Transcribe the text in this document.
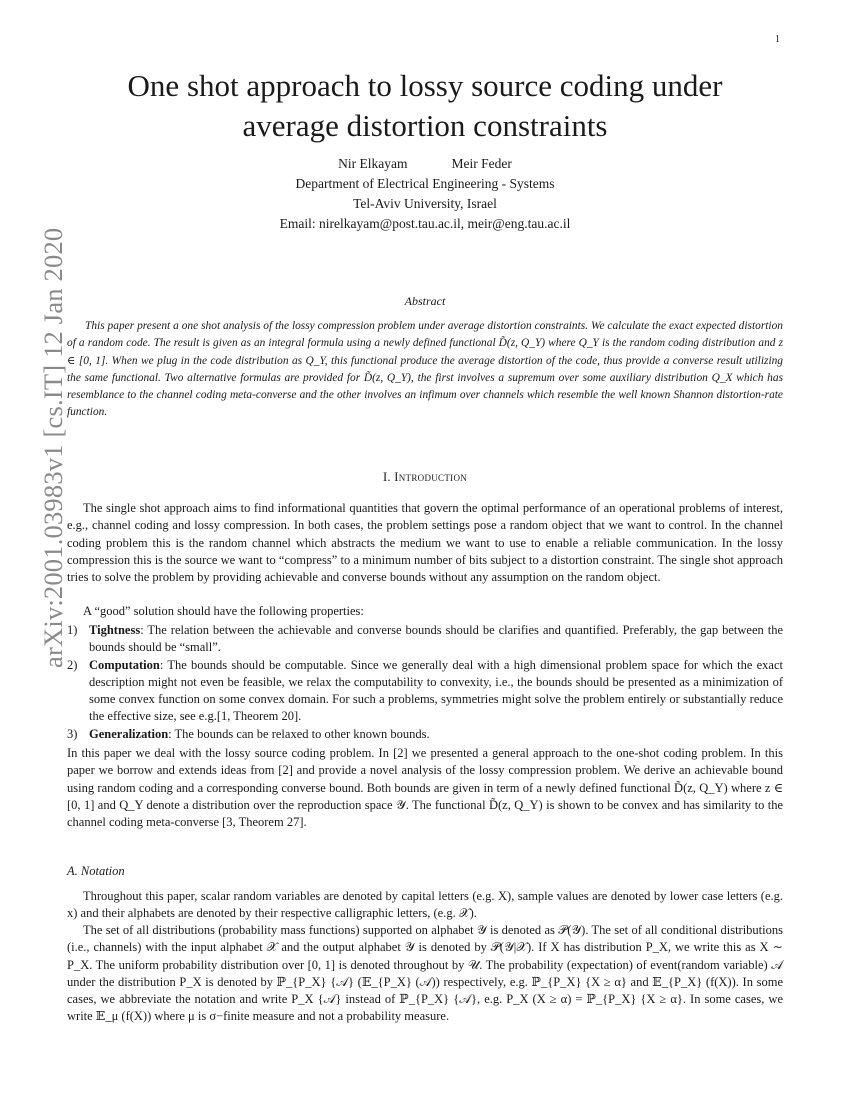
1
arXiv:2001.03983v1 [cs.IT] 12 Jan 2020
One shot approach to lossy source coding under
average distortion constraints
Nir Elkayam	Meir Feder
Department of Electrical Engineering - Systems
Tel-Aviv University, Israel
Email: nirelkayam@post.tau.ac.il, meir@eng.tau.ac.il
Abstract

This paper present a one shot analysis of the lossy compression problem under average distortion constraints. We calculate the exact expected distortion of a random code. The result is given as an integral formula using a newly defined functional D̃(z, Q_Y) where Q_Y is the random coding distribution and z ∈ [0, 1]. When we plug in the code distribution as Q_Y, this functional produce the average distortion of the code, thus provide a converse result utilizing the same functional. Two alternative formulas are provided for D̃(z, Q_Y), the first involves a supremum over some auxiliary distribution Q_X which has resemblance to the channel coding meta-converse and the other involves an infimum over channels which resemble the well known Shannon distortion-rate function.

I. Introduction

The single shot approach aims to find informational quantities that govern the optimal performance of an operational problems of interest, e.g., channel coding and lossy compression. In both cases, the problem settings pose a random object that we want to control. In the channel coding problem this is the random channel which abstracts the medium we want to use to enable a reliable communication. In the lossy compression this is the source we want to “compress” to a minimum number of bits subject to a distortion constraint. The single shot approach tries to solve the problem by providing achievable and converse bounds without any assumption on the random object.

A “good” solution should have the following properties:

1) Tightness: The relation between the achievable and converse bounds should be clarifies and quantified. Preferably, the gap between the bounds should be “small”.
2) Computation: The bounds should be computable. Since we generally deal with a high dimensional problem space for which the exact description might not even be feasible, we relax the computability to convexity, i.e., the bounds should be presented as a minimization of some convex function on some convex domain. For such a problems, symmetries might solve the problem entirely or substantially reduce the effective size, see e.g.[1, Theorem 20].
3) Generalization: The bounds can be relaxed to other known bounds.

In this paper we deal with the lossy source coding problem. In [2] we presented a general approach to the one-shot coding problem. In this paper we borrow and extends ideas from [2] and provide a novel analysis of the lossy compression problem. We derive an achievable bound using random coding and a corresponding converse bound. Both bounds are given in term of a newly defined functional D̃(z, Q_Y) where z ∈ [0, 1] and Q_Y denote a distribution over the reproduction space 𝒴. The functional D̃(z, Q_Y) is shown to be convex and has similarity to the channel coding meta-converse [3, Theorem 27].

A. Notation

Throughout this paper, scalar random variables are denoted by capital letters (e.g. X), sample values are denoted by lower case letters (e.g. x) and their alphabets are denoted by their respective calligraphic letters, (e.g. 𝒳).

The set of all distributions (probability mass functions) supported on alphabet 𝒴 is denoted as 𝒫(𝒴). The set of all conditional distributions (i.e., channels) with the input alphabet 𝒳 and the output alphabet 𝒴 is denoted by 𝒫(𝒴|𝒳). If X has distribution P_X, we write this as X ∼ P_X. The uniform probability distribution over [0, 1] is denoted throughout by 𝒰. The probability (expectation) of event(random variable) 𝒜 under the distribution P_X is denoted by ℙ_{P_X} {𝒜} (𝔼_{P_X} (𝒜)) respectively, e.g. ℙ_{P_X} {X ≥ α} and 𝔼_{P_X} (f(X)). In some cases, we abbreviate the notation and write P_X {𝒜} instead of ℙ_{P_X} {𝒜}, e.g. P_X (X ≥ α) = ℙ_{P_X} {X ≥ α}. In some cases, we write 𝔼_μ (f(X)) where μ is σ−finite measure and not a probability measure.
